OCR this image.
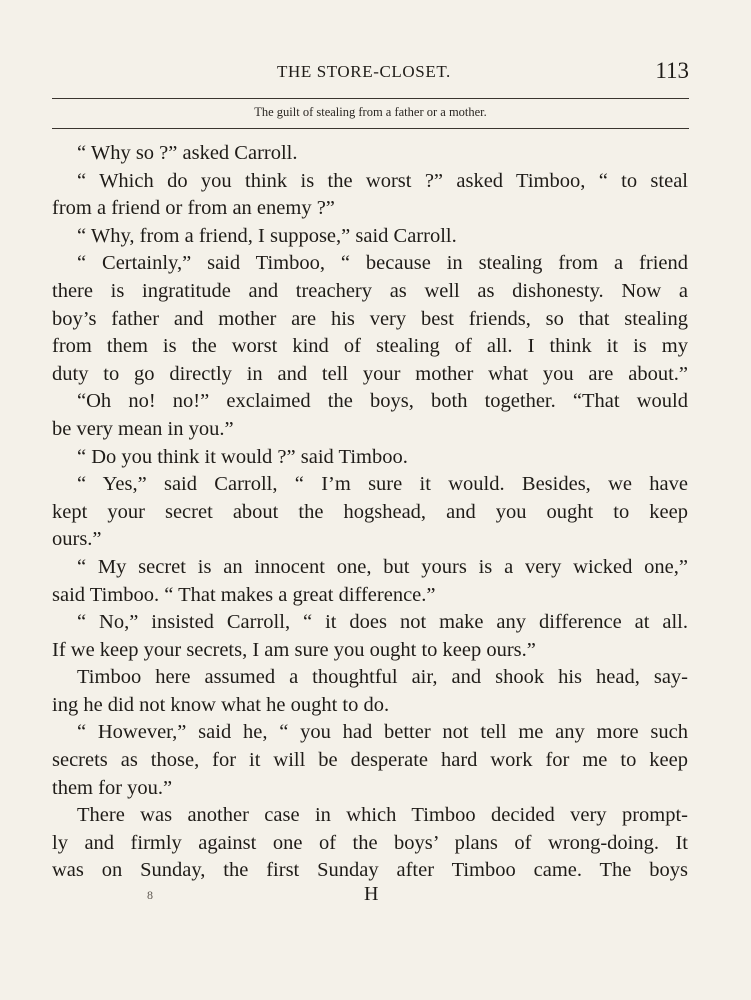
THE STORE-CLOSET.	113
The guilt of stealing from a father or a mother.
“ Why so ?” asked Carroll.
“ Which do you think is the worst ?” asked Timboo, “ to steal
from a friend or from an enemy ?”
“ Why, from a friend, I suppose,” said Carroll.
“ Certainly,” said Timboo, “ because in stealing from a friend
there is ingratitude and treachery as well as dishonesty. Now a
boy’s father and mother are his very best friends, so that stealing
from them is the worst kind of stealing of all. I think it is my
duty to go directly in and tell your mother what you are about.”
“Oh no! no!” exclaimed the boys, both together. “That would
be very mean in you.”
“ Do you think it would ?” said Timboo.
“ Yes,” said Carroll, “ I’m sure it would. Besides, we have
kept your secret about the hogshead, and you ought to keep
ours.”
“ My secret is an innocent one, but yours is a very wicked one,”
said Timboo. “ That makes a great difference.”
“ No,” insisted Carroll, “ it does not make any difference at all.
If we keep your secrets, I am sure you ought to keep ours.”
Timboo here assumed a thoughtful air, and shook his head, say-
ing he did not know what he ought to do.
“ However,” said he, “ you had better not tell me any more such
secrets as those, for it will be desperate hard work for me to keep
them for you.”
There was another case in which Timboo decided very prompt-
ly and firmly against one of the boys’ plans of wrong-doing. It
was on Sunday, the first Sunday after Timboo came. The boys
8	H
